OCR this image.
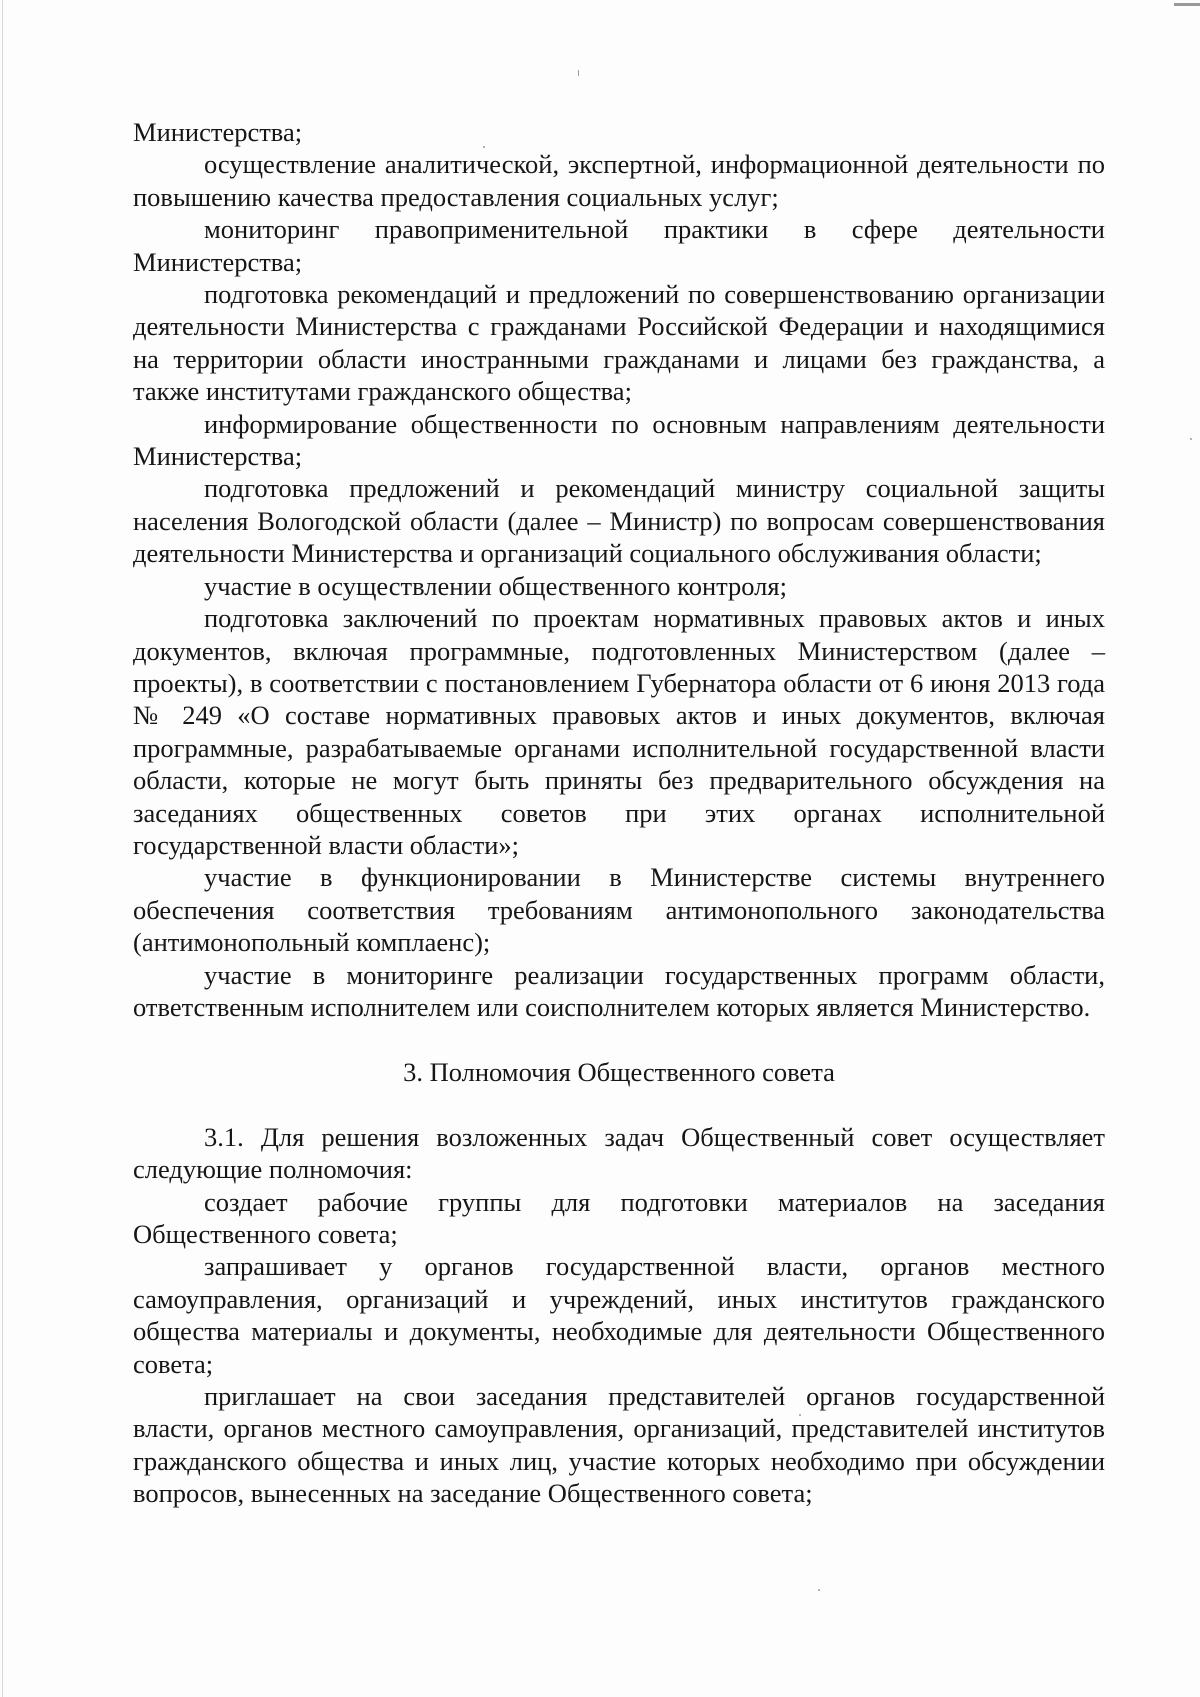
Министерства;

осуществление аналитической, экспертной, информационной деятельности по повышению качества предоставления социальных услуг;

мониторинг правоприменительной практики в сфере деятельности Министерства;

подготовка рекомендаций и предложений по совершенствованию организации деятельности Министерства с гражданами Российской Федерации и находящимися на территории области иностранными гражданами и лицами без гражданства, а также институтами гражданского общества;

информирование общественности по основным направлениям деятельности Министерства;

подготовка предложений и рекомендаций министру социальной защиты населения Вологодской области (далее – Министр) по вопросам совершенствования деятельности Министерства и организаций социального обслуживания области;

участие в осуществлении общественного контроля;

подготовка заключений по проектам нормативных правовых актов и иных документов, включая программные, подготовленных Министерством (далее – проекты), в соответствии с постановлением Губернатора области от 6 июня 2013 года № 249 «О составе нормативных правовых актов и иных документов, включая программные, разрабатываемые органами исполнительной государственной власти области, которые не могут быть приняты без предварительного обсуждения на заседаниях общественных советов при этих органах исполнительной государственной власти области»;

участие в функционировании в Министерстве системы внутреннего обеспечения соответствия требованиям антимонопольного законодательства (антимонопольный комплаенс);

участие в мониторинге реализации государственных программ области, ответственным исполнителем или соисполнителем которых является Министерство.

3. Полномочия Общественного совета

3.1. Для решения возложенных задач Общественный совет осуществляет следующие полномочия:

создает рабочие группы для подготовки материалов на заседания Общественного совета;

запрашивает у органов государственной власти, органов местного самоуправления, организаций и учреждений, иных институтов гражданского общества материалы и документы, необходимые для деятельности Общественного совета;

приглашает на свои заседания представителей органов государственной власти, органов местного самоуправления, организаций, представителей институтов гражданского общества и иных лиц, участие которых необходимо при обсуждении вопросов, вынесенных на заседание Общественного совета;
